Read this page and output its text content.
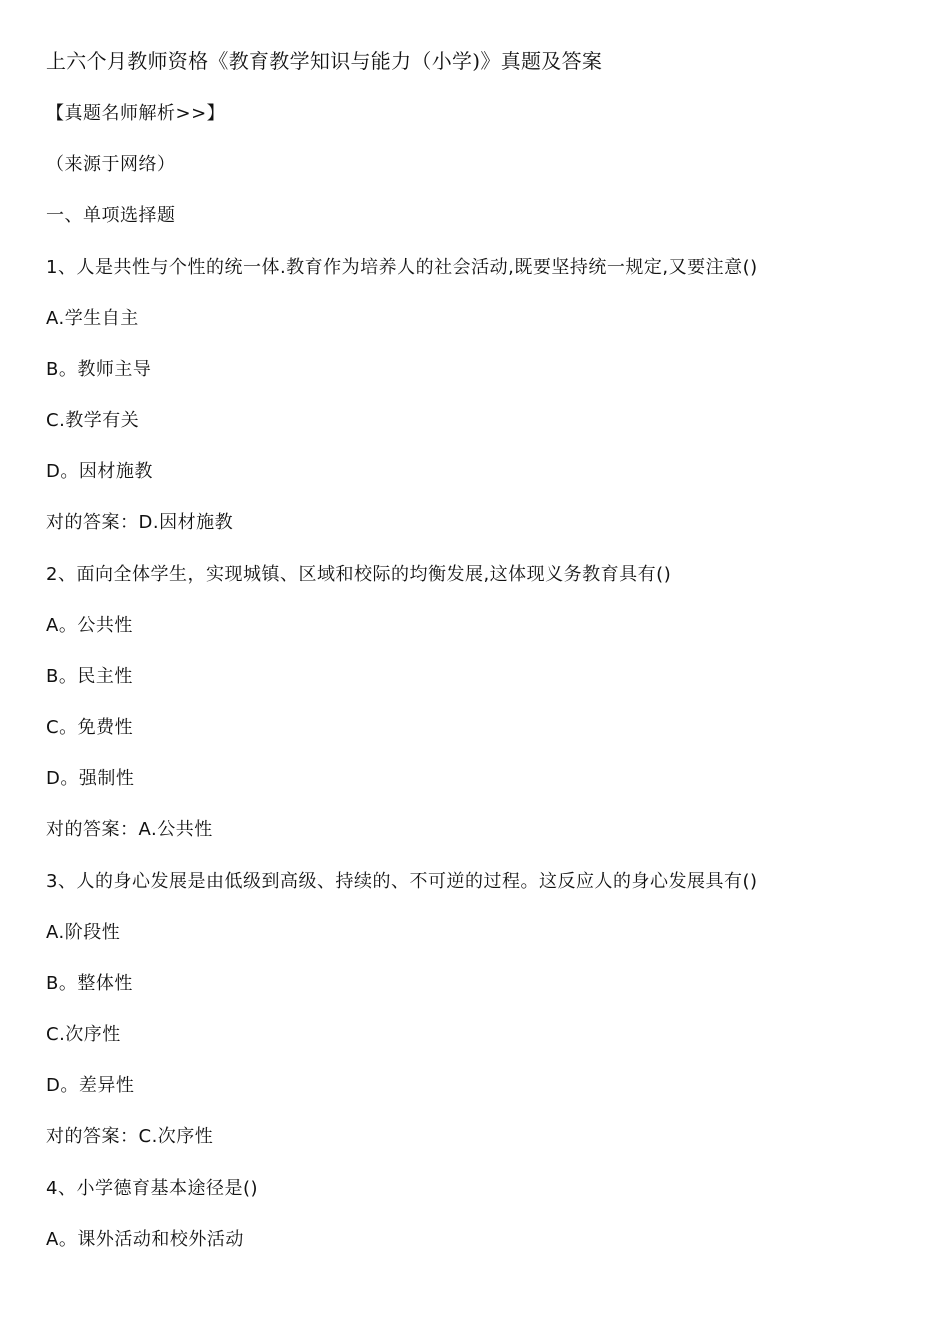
上六个月教师资格《教育教学知识与能力（小学)》真题及答案
【真题名师解析>>】
（来源于网络）
一、单项选择题
1、人是共性与个性的统一体.教育作为培养人的社会活动,既要坚持统一规定,又要注意()
A.学生自主
B。教师主导
C.教学有关
D。因材施教
对的答案：D.因材施教
2、面向全体学生，实现城镇、区域和校际的均衡发展,这体现义务教育具有()
A。公共性
B。民主性
C。免费性
D。强制性
对的答案：A.公共性
3、人的身心发展是由低级到高级、持续的、不可逆的过程。这反应人的身心发展具有()
A.阶段性
B。整体性
C.次序性
D。差异性
对的答案：C.次序性
4、小学德育基本途径是()
A。课外活动和校外活动
